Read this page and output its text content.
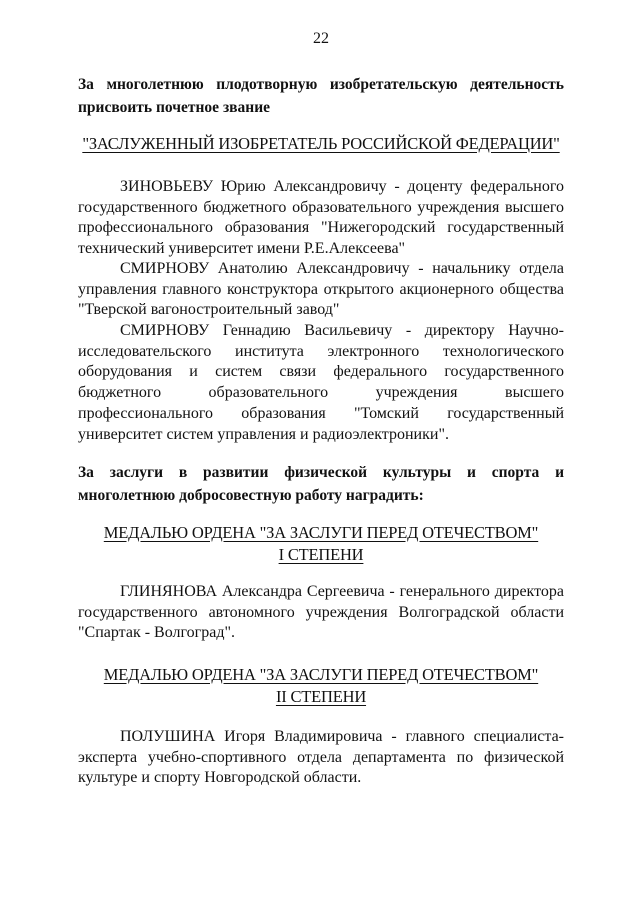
22
За многолетнюю плодотворную изобретательскую деятельность присвоить почетное звание
"ЗАСЛУЖЕННЫЙ ИЗОБРЕТАТЕЛЬ РОССИЙСКОЙ ФЕДЕРАЦИИ"
ЗИНОВЬЕВУ Юрию Александровичу - доценту федерального государственного бюджетного образовательного учреждения высшего профессионального образования "Нижегородский государственный технический университет имени Р.Е.Алексеева"
СМИРНОВУ Анатолию Александровичу - начальнику отдела управления главного конструктора открытого акционерного общества "Тверской вагоностроительный завод"
СМИРНОВУ Геннадию Васильевичу - директору Научно-исследовательского института электронного технологического оборудования и систем связи федерального государственного бюджетного образовательного учреждения высшего профессионального образования "Томский государственный университет систем управления и радиоэлектроники".
За заслуги в развитии физической культуры и спорта и многолетнюю добросовестную работу наградить:
МЕДАЛЬЮ ОРДЕНА "ЗА ЗАСЛУГИ ПЕРЕД ОТЕЧЕСТВОМ"
I СТЕПЕНИ
ГЛИНЯНОВА Александра Сергеевича - генерального директора государственного автономного учреждения Волгоградской области "Спартак - Волгоград".
МЕДАЛЬЮ ОРДЕНА "ЗА ЗАСЛУГИ ПЕРЕД ОТЕЧЕСТВОМ"
II СТЕПЕНИ
ПОЛУШИНА Игоря Владимировича - главного специалиста-эксперта учебно-спортивного отдела департамента по физической культуре и спорту Новгородской области.
